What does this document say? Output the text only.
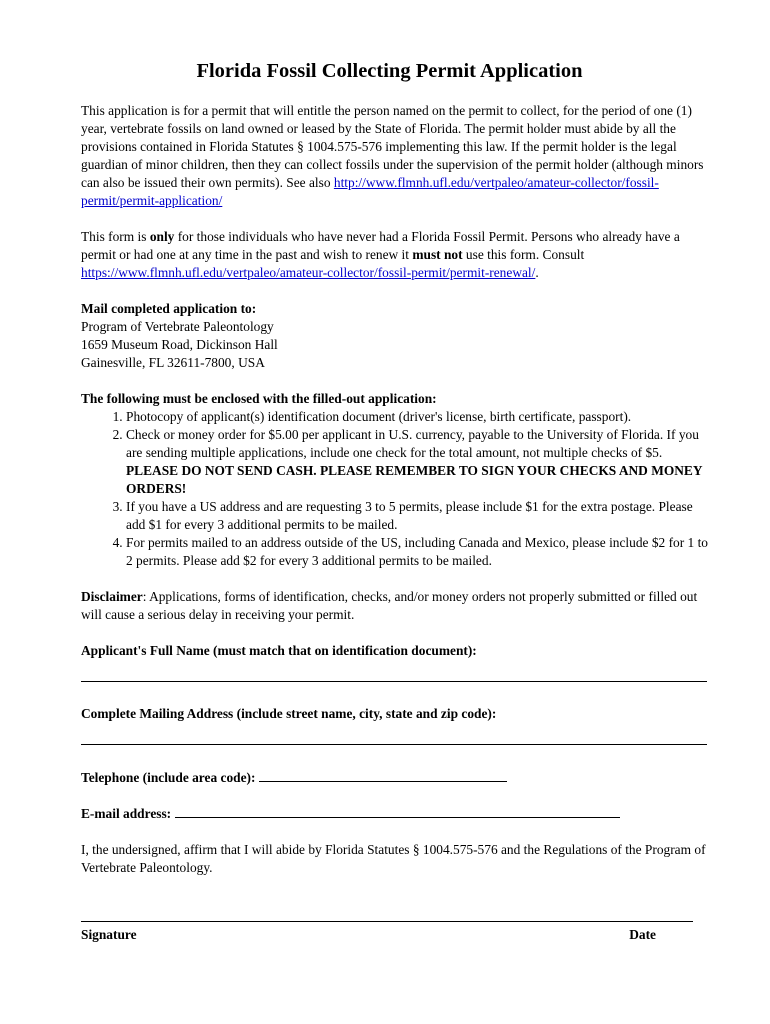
Florida Fossil Collecting Permit Application

This application is for a permit that will entitle the person named on the permit to collect, for the period of one (1) year, vertebrate fossils on land owned or leased by the State of Florida. The permit holder must abide by all the provisions contained in Florida Statutes § 1004.575-576 implementing this law. If the permit holder is the legal guardian of minor children, then they can collect fossils under the supervision of the permit holder (although minors can also be issued their own permits). See also http://www.flmnh.ufl.edu/vertpaleo/amateur-collector/fossil-permit/permit-application/

This form is only for those individuals who have never had a Florida Fossil Permit. Persons who already have a permit or had one at any time in the past and wish to renew it must not use this form. Consult https://www.flmnh.ufl.edu/vertpaleo/amateur-collector/fossil-permit/permit-renewal/.

Mail completed application to:

Program of Vertebrate Paleontology

1659 Museum Road, Dickinson Hall

Gainesville, FL 32611-7800, USA

The following must be enclosed with the filled-out application:

1. Photocopy of applicant(s) identification document (driver's license, birth certificate, passport).
2. Check or money order for $5.00 per applicant in U.S. currency, payable to the University of Florida. If you are sending multiple applications, include one check for the total amount, not multiple checks of $5. PLEASE DO NOT SEND CASH. PLEASE REMEMBER TO SIGN YOUR CHECKS AND MONEY ORDERS!
3. If you have a US address and are requesting 3 to 5 permits, please include $1 for the extra postage. Please add $1 for every 3 additional permits to be mailed.
4. For permits mailed to an address outside of the US, including Canada and Mexico, please include $2 for 1 to 2 permits. Please add $2 for every 3 additional permits to be mailed.

Disclaimer: Applications, forms of identification, checks, and/or money orders not properly submitted or filled out will cause a serious delay in receiving your permit.

Applicant's Full Name (must match that on identification document):

Complete Mailing Address (include street name, city, state and zip code):

Telephone (include area code):

E-mail address:

I, the undersigned, affirm that I will abide by Florida Statutes § 1004.575-576 and the Regulations of the Program of Vertebrate Paleontology.

Signature	Date
